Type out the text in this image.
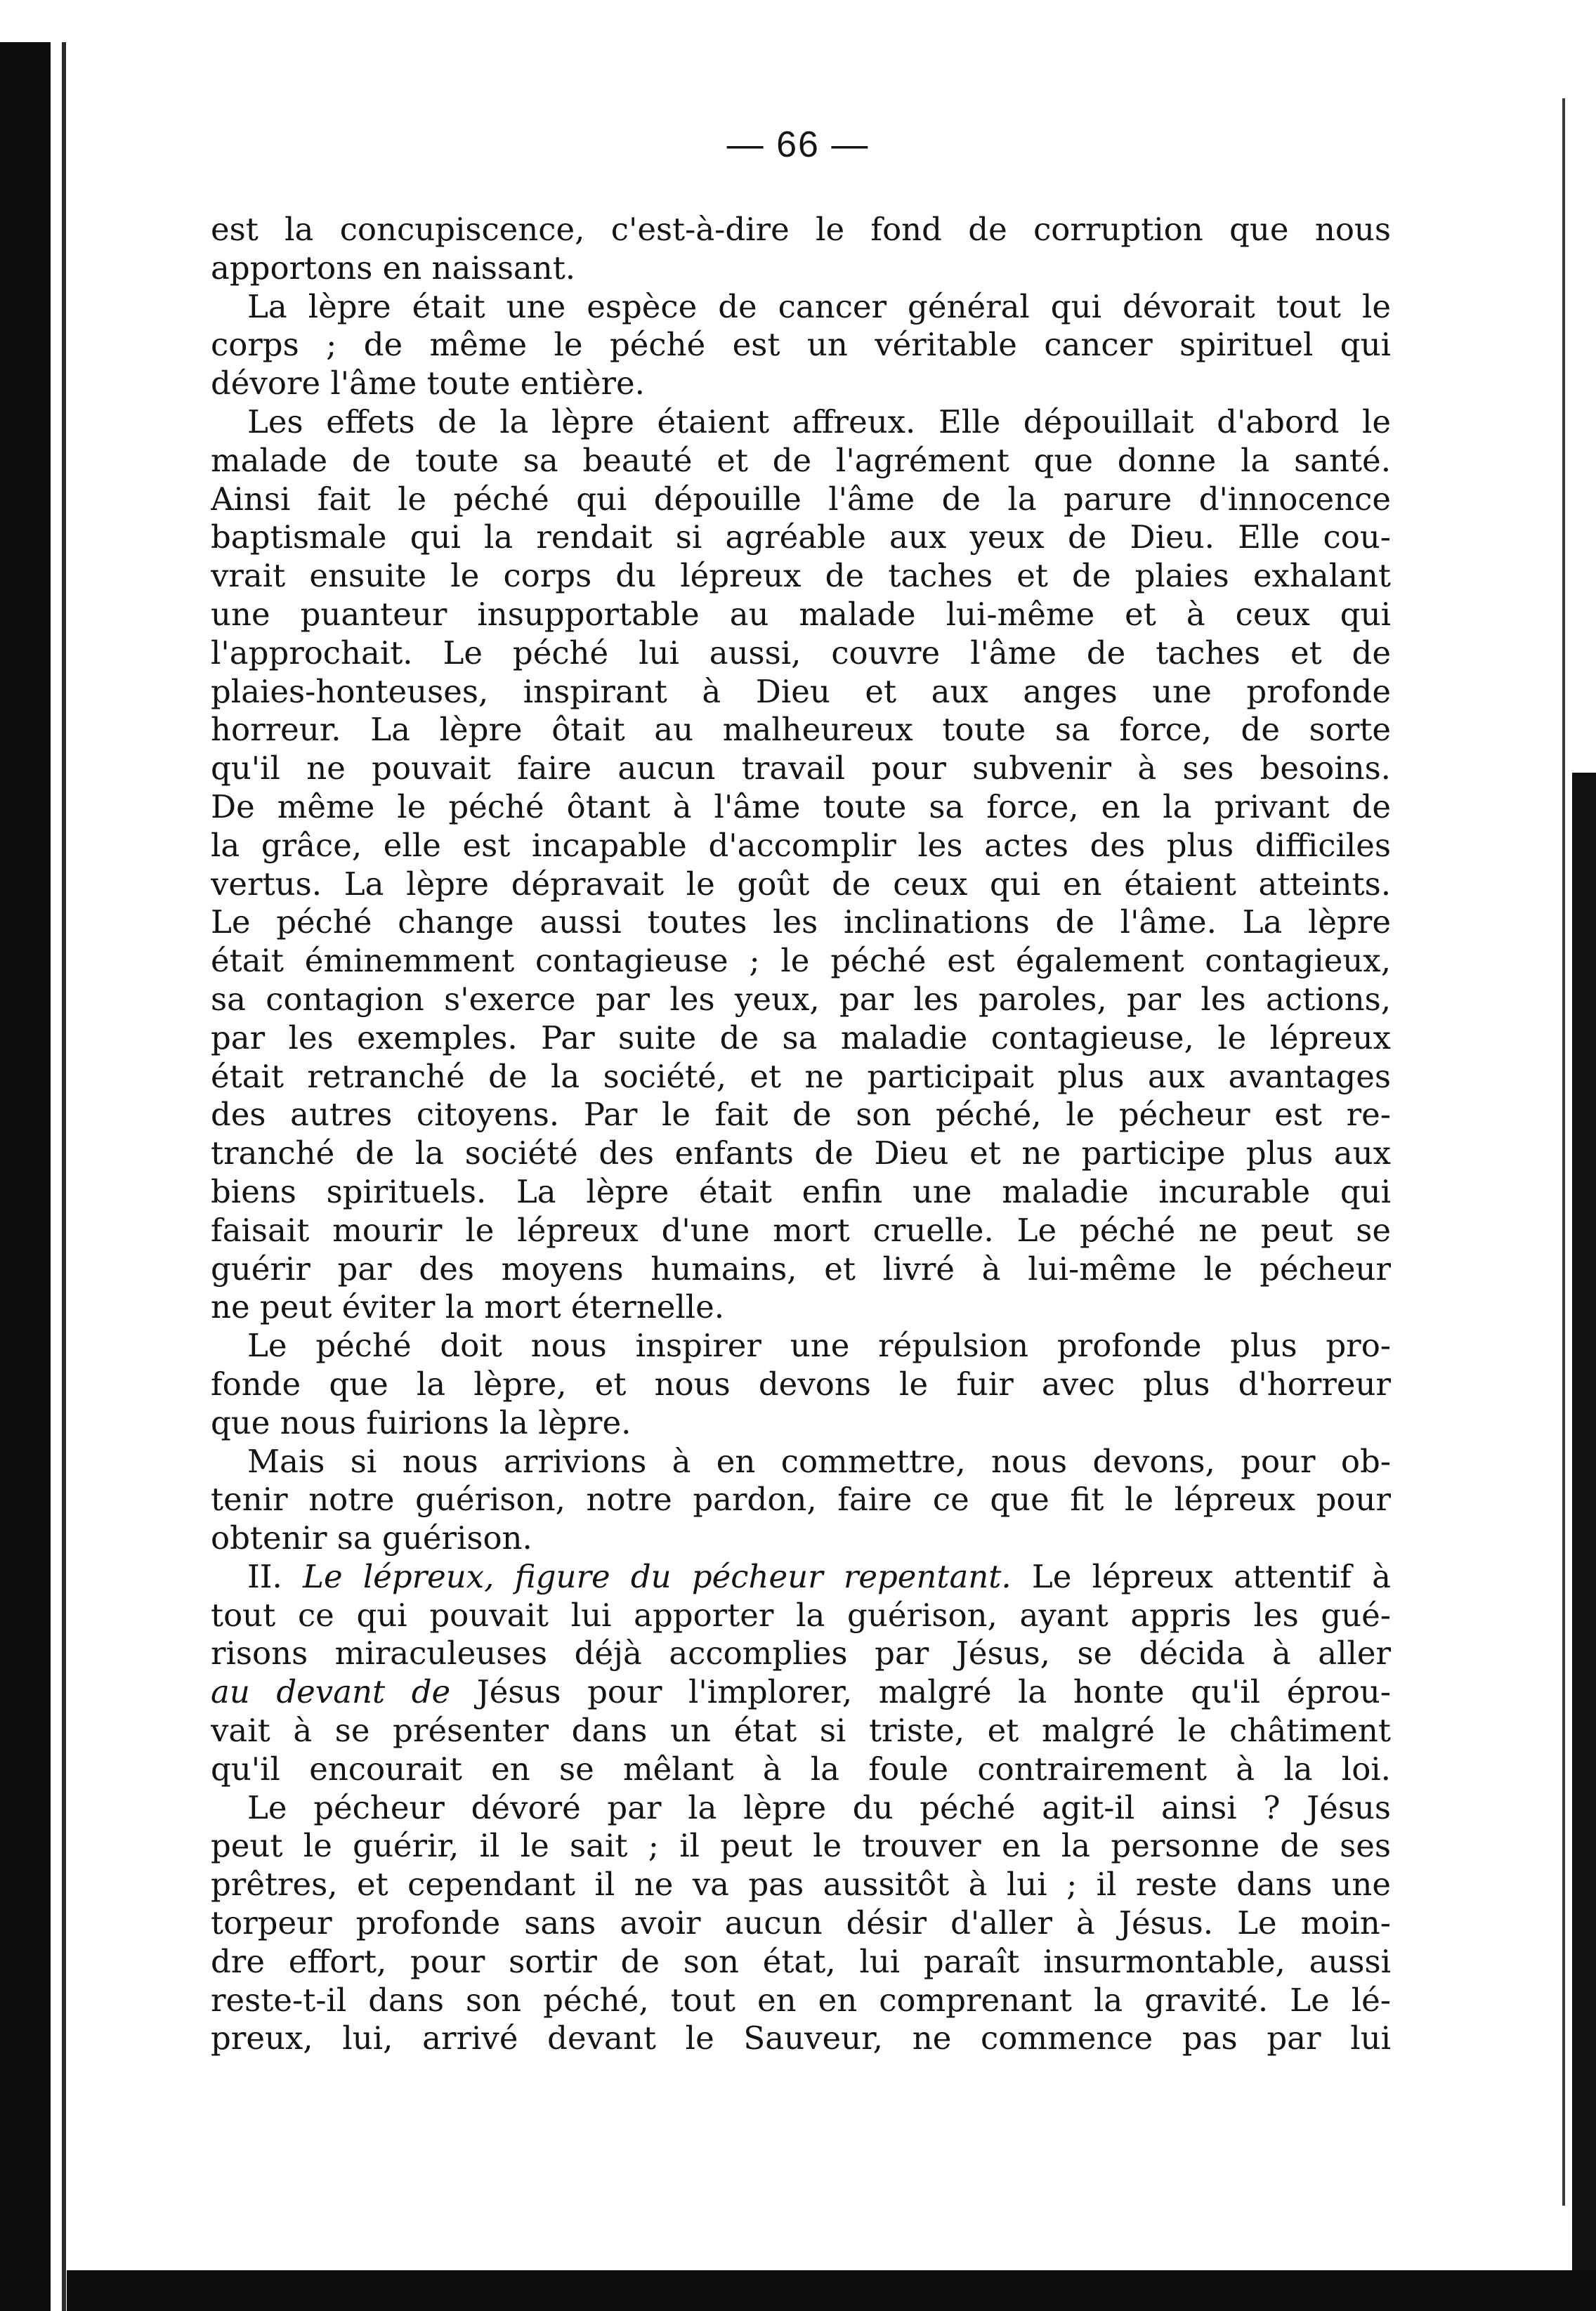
— 66 —
est la concupiscence, c'est-à-dire le fond de corruption que nous
apportons en naissant.
La lèpre était une espèce de cancer général qui dévorait tout le
corps ; de même le péché est un véritable cancer spirituel qui
dévore l'âme toute entière.
Les effets de la lèpre étaient affreux. Elle dépouillait d'abord le
malade de toute sa beauté et de l'agrément que donne la santé.
Ainsi fait le péché qui dépouille l'âme de la parure d'innocence
baptismale qui la rendait si agréable aux yeux de Dieu. Elle cou-
vrait ensuite le corps du lépreux de taches et de plaies exhalant
une puanteur insupportable au malade lui-même et à ceux qui
l'approchait. Le péché lui aussi, couvre l'âme de taches et de
plaies-honteuses, inspirant à Dieu et aux anges une profonde
horreur. La lèpre ôtait au malheureux toute sa force, de sorte
qu'il ne pouvait faire aucun travail pour subvenir à ses besoins.
De même le péché ôtant à l'âme toute sa force, en la privant de
la grâce, elle est incapable d'accomplir les actes des plus difficiles
vertus. La lèpre dépravait le goût de ceux qui en étaient atteints.
Le péché change aussi toutes les inclinations de l'âme. La lèpre
était éminemment contagieuse ; le péché est également contagieux,
sa contagion s'exerce par les yeux, par les paroles, par les actions,
par les exemples. Par suite de sa maladie contagieuse, le lépreux
était retranché de la société, et ne participait plus aux avantages
des autres citoyens. Par le fait de son péché, le pécheur est re-
tranché de la société des enfants de Dieu et ne participe plus aux
biens spirituels. La lèpre était enfin une maladie incurable qui
faisait mourir le lépreux d'une mort cruelle. Le péché ne peut se
guérir par des moyens humains, et livré à lui-même le pécheur
ne peut éviter la mort éternelle.
Le péché doit nous inspirer une répulsion profonde plus pro-
fonde que la lèpre, et nous devons le fuir avec plus d'horreur
que nous fuirions la lèpre.
Mais si nous arrivions à en commettre, nous devons, pour ob-
tenir notre guérison, notre pardon, faire ce que fit le lépreux pour
obtenir sa guérison.
II. Le lépreux, figure du pécheur repentant. Le lépreux attentif à
tout ce qui pouvait lui apporter la guérison, ayant appris les gué-
risons miraculeuses déjà accomplies par Jésus, se décida à aller
au devant de Jésus pour l'implorer, malgré la honte qu'il éprou-
vait à se présenter dans un état si triste, et malgré le châtiment
qu'il encourait en se mêlant à la foule contrairement à la loi.
Le pécheur dévoré par la lèpre du péché agit-il ainsi ? Jésus
peut le guérir, il le sait ; il peut le trouver en la personne de ses
prêtres, et cependant il ne va pas aussitôt à lui ; il reste dans une
torpeur profonde sans avoir aucun désir d'aller à Jésus. Le moin-
dre effort, pour sortir de son état, lui paraît insurmontable, aussi
reste-t-il dans son péché, tout en en comprenant la gravité. Le lé-
preux, lui, arrivé devant le Sauveur, ne commence pas par lui
